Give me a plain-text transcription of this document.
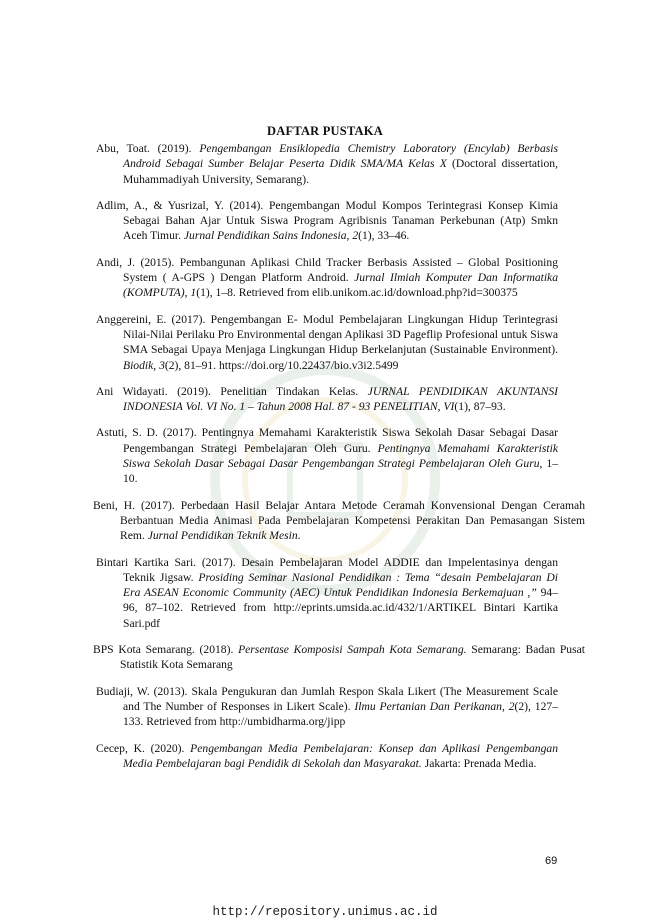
DAFTAR PUSTAKA

Abu, Toat. (2019). Pengembangan Ensiklopedia Chemistry Laboratory (Encylab) Berbasis Android Sebagai Sumber Belajar Peserta Didik SMA/MA Kelas X (Doctoral dissertation, Muhammadiyah University, Semarang).

Adlim, A., & Yusrizal, Y. (2014). Pengembangan Modul Kompos Terintegrasi Konsep Kimia Sebagai Bahan Ajar Untuk Siswa Program Agribisnis Tanaman Perkebunan (Atp) Smkn Aceh Timur. Jurnal Pendidikan Sains Indonesia, 2(1), 33–46.

Andi, J. (2015). Pembangunan Aplikasi Child Tracker Berbasis Assisted – Global Positioning System ( A-GPS ) Dengan Platform Android. Jurnal Ilmiah Komputer Dan Informatika (KOMPUTA), 1(1), 1–8. Retrieved from elib.unikom.ac.id/download.php?id=300375

Anggereini, E. (2017). Pengembangan E- Modul Pembelajaran Lingkungan Hidup Terintegrasi Nilai-Nilai Perilaku Pro Environmental dengan Aplikasi 3D Pageflip Profesional untuk Siswa SMA Sebagai Upaya Menjaga Lingkungan Hidup Berkelanjutan (Sustainable Environment). Biodik, 3(2), 81–91. https://doi.org/10.22437/bio.v3i2.5499

Ani Widayati. (2019). Penelitian Tindakan Kelas. JURNAL PENDIDIKAN AKUNTANSI INDONESIA Vol. VI No. 1 – Tahun 2008 Hal. 87 - 93 PENELITIAN, VI(1), 87–93.

Astuti, S. D. (2017). Pentingnya Memahami Karakteristik Siswa Sekolah Dasar Sebagai Dasar Pengembangan Strategi Pembelajaran Oleh Guru. Pentingnya Memahami Karakteristik Siswa Sekolah Dasar Sebagai Dasar Pengembangan Strategi Pembelajaran Oleh Guru, 1–10.

Beni, H. (2017). Perbedaan Hasil Belajar Antara Metode Ceramah Konvensional Dengan Ceramah Berbantuan Media Animasi Pada Pembelajaran Kompetensi Perakitan Dan Pemasangan Sistem Rem. Jurnal Pendidikan Teknik Mesin.

Bintari Kartika Sari. (2017). Desain Pembelajaran Model ADDIE dan Impelentasinya dengan Teknik Jigsaw. Prosiding Seminar Nasional Pendidikan : Tema “desain Pembelajaran Di Era ASEAN Economic Community (AEC) Untuk Pendidikan Indonesia Berkemajuan ,” 94–96, 87–102. Retrieved from http://eprints.umsida.ac.id/432/1/ARTIKEL Bintari Kartika Sari.pdf

BPS Kota Semarang. (2018). Persentase Komposisi Sampah Kota Semarang. Semarang: Badan Pusat Statistik Kota Semarang

Budiaji, W. (2013). Skala Pengukuran dan Jumlah Respon Skala Likert (The Measurement Scale and The Number of Responses in Likert Scale). Ilmu Pertanian Dan Perikanan, 2(2), 127–133. Retrieved from http://umbidharma.org/jipp

Cecep, K. (2020). Pengembangan Media Pembelajaran: Konsep dan Aplikasi Pengembangan Media Pembelajaran bagi Pendidik di Sekolah dan Masyarakat. Jakarta: Prenada Media.

69
http://repository.unimus.ac.id
